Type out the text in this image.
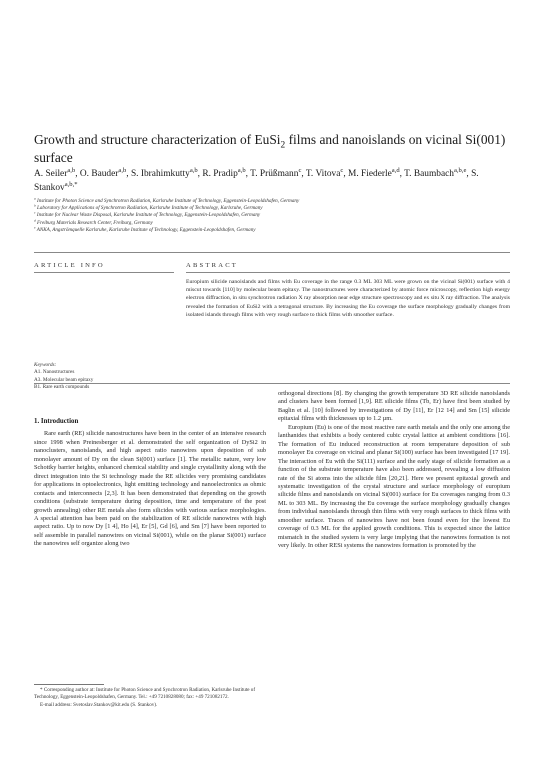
Growth and structure characterization of EuSi$_2$ films and nanoislands on vicinal Si(001) surface
A. Seiler$^{a,b}$, O. Bauder$^{a,b}$, S. Ibrahimkutty$^{a,b}$, R. Pradip$^{a,b}$, T. Prüßmann$^c$, T. Vitova$^c$, M. Fiederle$^{a,d}$, T. Baumbach$^{a,b,e}$, S. Stankov$^{a,b,*}$
$^a$ Institute for Photon Science and Synchrotron Radiation, Karlsruhe Institute of Technology, Eggenstein-Leopoldshafen, Germany
$^b$ Laboratory for Applications of Synchrotron Radiation, Karlsruhe Institute of Technology, Karlsruhe, Germany
$^c$ Institute for Nuclear Waste Disposal, Karlsruhe Institute of Technology, Eggenstein-Leopoldshafen, Germany
$^d$ Freiburg Materials Research Center, Freiburg, Germany
$^e$ ANKA, Angströmquelle Karlsruhe, Karlsruhe Institute of Technology, Eggenstein-Leopoldshafen, Germany
ARTICLE INFO	ABSTRACT
Europium silicide nanoislands and films with Eu coverage in the range 0.3 ML 303 ML were grown on the vicinal Si(001) surface with 4 miscut towards [110] by molecular beam epitaxy. The nanostructures were characterized by atomic force microscopy, reflection high energy electron diffraction, in situ synchrotron radiation X ray absorption near edge structure spectroscopy and ex situ X ray diffraction. The analysis revealed the formation of EuSi2 with a tetragonal structure. By increasing the Eu coverage the surface morphology gradually changes from isolated islands through films with very rough surface to thick films with smoother surface.
Keywords:
A1. Nanostructures
A3. Molecular beam epitaxy
B1. Rare earth compounds
1. Introduction

Rare earth (RE) silicide nanostructures have been in the center of an intensive research since 1998 when Preinesberger et al. demonstrated the self organization of DySi2 in nanoclusters, nanoislands, and high aspect ratio nanowires upon deposition of sub monolayer amount of Dy on the clean Si(001) surface [1]. The metallic nature, very low Schottky barrier heights, enhanced chemical stability and single crystallinity along with the direct integration into the Si technology made the RE silicides very promising candidates for applications in optoelectronics, light emitting technology and nanoelectronics as ohmic contacts and interconnects [2,3]. It has been demonstrated that depending on the growth conditions (substrate temperature during deposition, time and temperature of the post growth annealing) other RE metals also form silicides with various surface morphologies. A special attention has been paid on the stabilization of RE silicide nanowires with high aspect ratio. Up to now Dy [1 4], Ho [4], Er [5], Gd [6], and Sm [7] have been reported to self assemble in parallel nanowires on vicinal Si(001), while on the planar Si(001) surface the nanowires self organize along two

orthogonal directions [8]. By changing the growth temperature 3D RE silicide nanoislands and clusters have been formed [1,9]. RE silicide films (Tb, Er) have first been studied by Baglin et al. [10] followed by investigations of Dy [11], Er [12 14] and Sm [15] silicide epitaxial films with thicknesses up to 1.2 µm.

Europium (Eu) is one of the most reactive rare earth metals and the only one among the lanthanides that exhibits a body centered cubic crystal lattice at ambient conditions [16]. The formation of Eu induced reconstruction at room temperature deposition of sub monolayer Eu coverage on vicinal and planar Si(100) surface has been investigated [17 19]. The interaction of Eu with the Si(111) surface and the early stage of silicide formation as a function of the substrate temperature have also been addressed, revealing a low diffusion rate of the Si atoms into the silicide film [20,21]. Here we present epitaxial growth and systematic investigation of the crystal structure and surface morphology of europium silicide films and nanoislands on vicinal Si(001) surface for Eu coverages ranging from 0.3 ML to 303 ML. By increasing the Eu coverage the surface morphology gradually changes from individual nanoislands through thin films with very rough surfaces to thick films with smoother surface. Traces of nanowires have not been found even for the lowest Eu coverage of 0.3 ML for the applied growth conditions. This is expected since the lattice mismatch in the studied system is very large implying that the nanowires formation is not very likely. In other RESi systems the nanowires formation is promoted by the

* Corresponding author at: Institute for Photon Science and Synchrotron Radiation, Karlsruhe Institute of Technology, Eggenstein-Leopoldshafen, Germany. Tel.: +49 7210828080; fax: +49 721082172.
E-mail address: Svetoslav.Stankov@kit.edu (S. Stankov).
